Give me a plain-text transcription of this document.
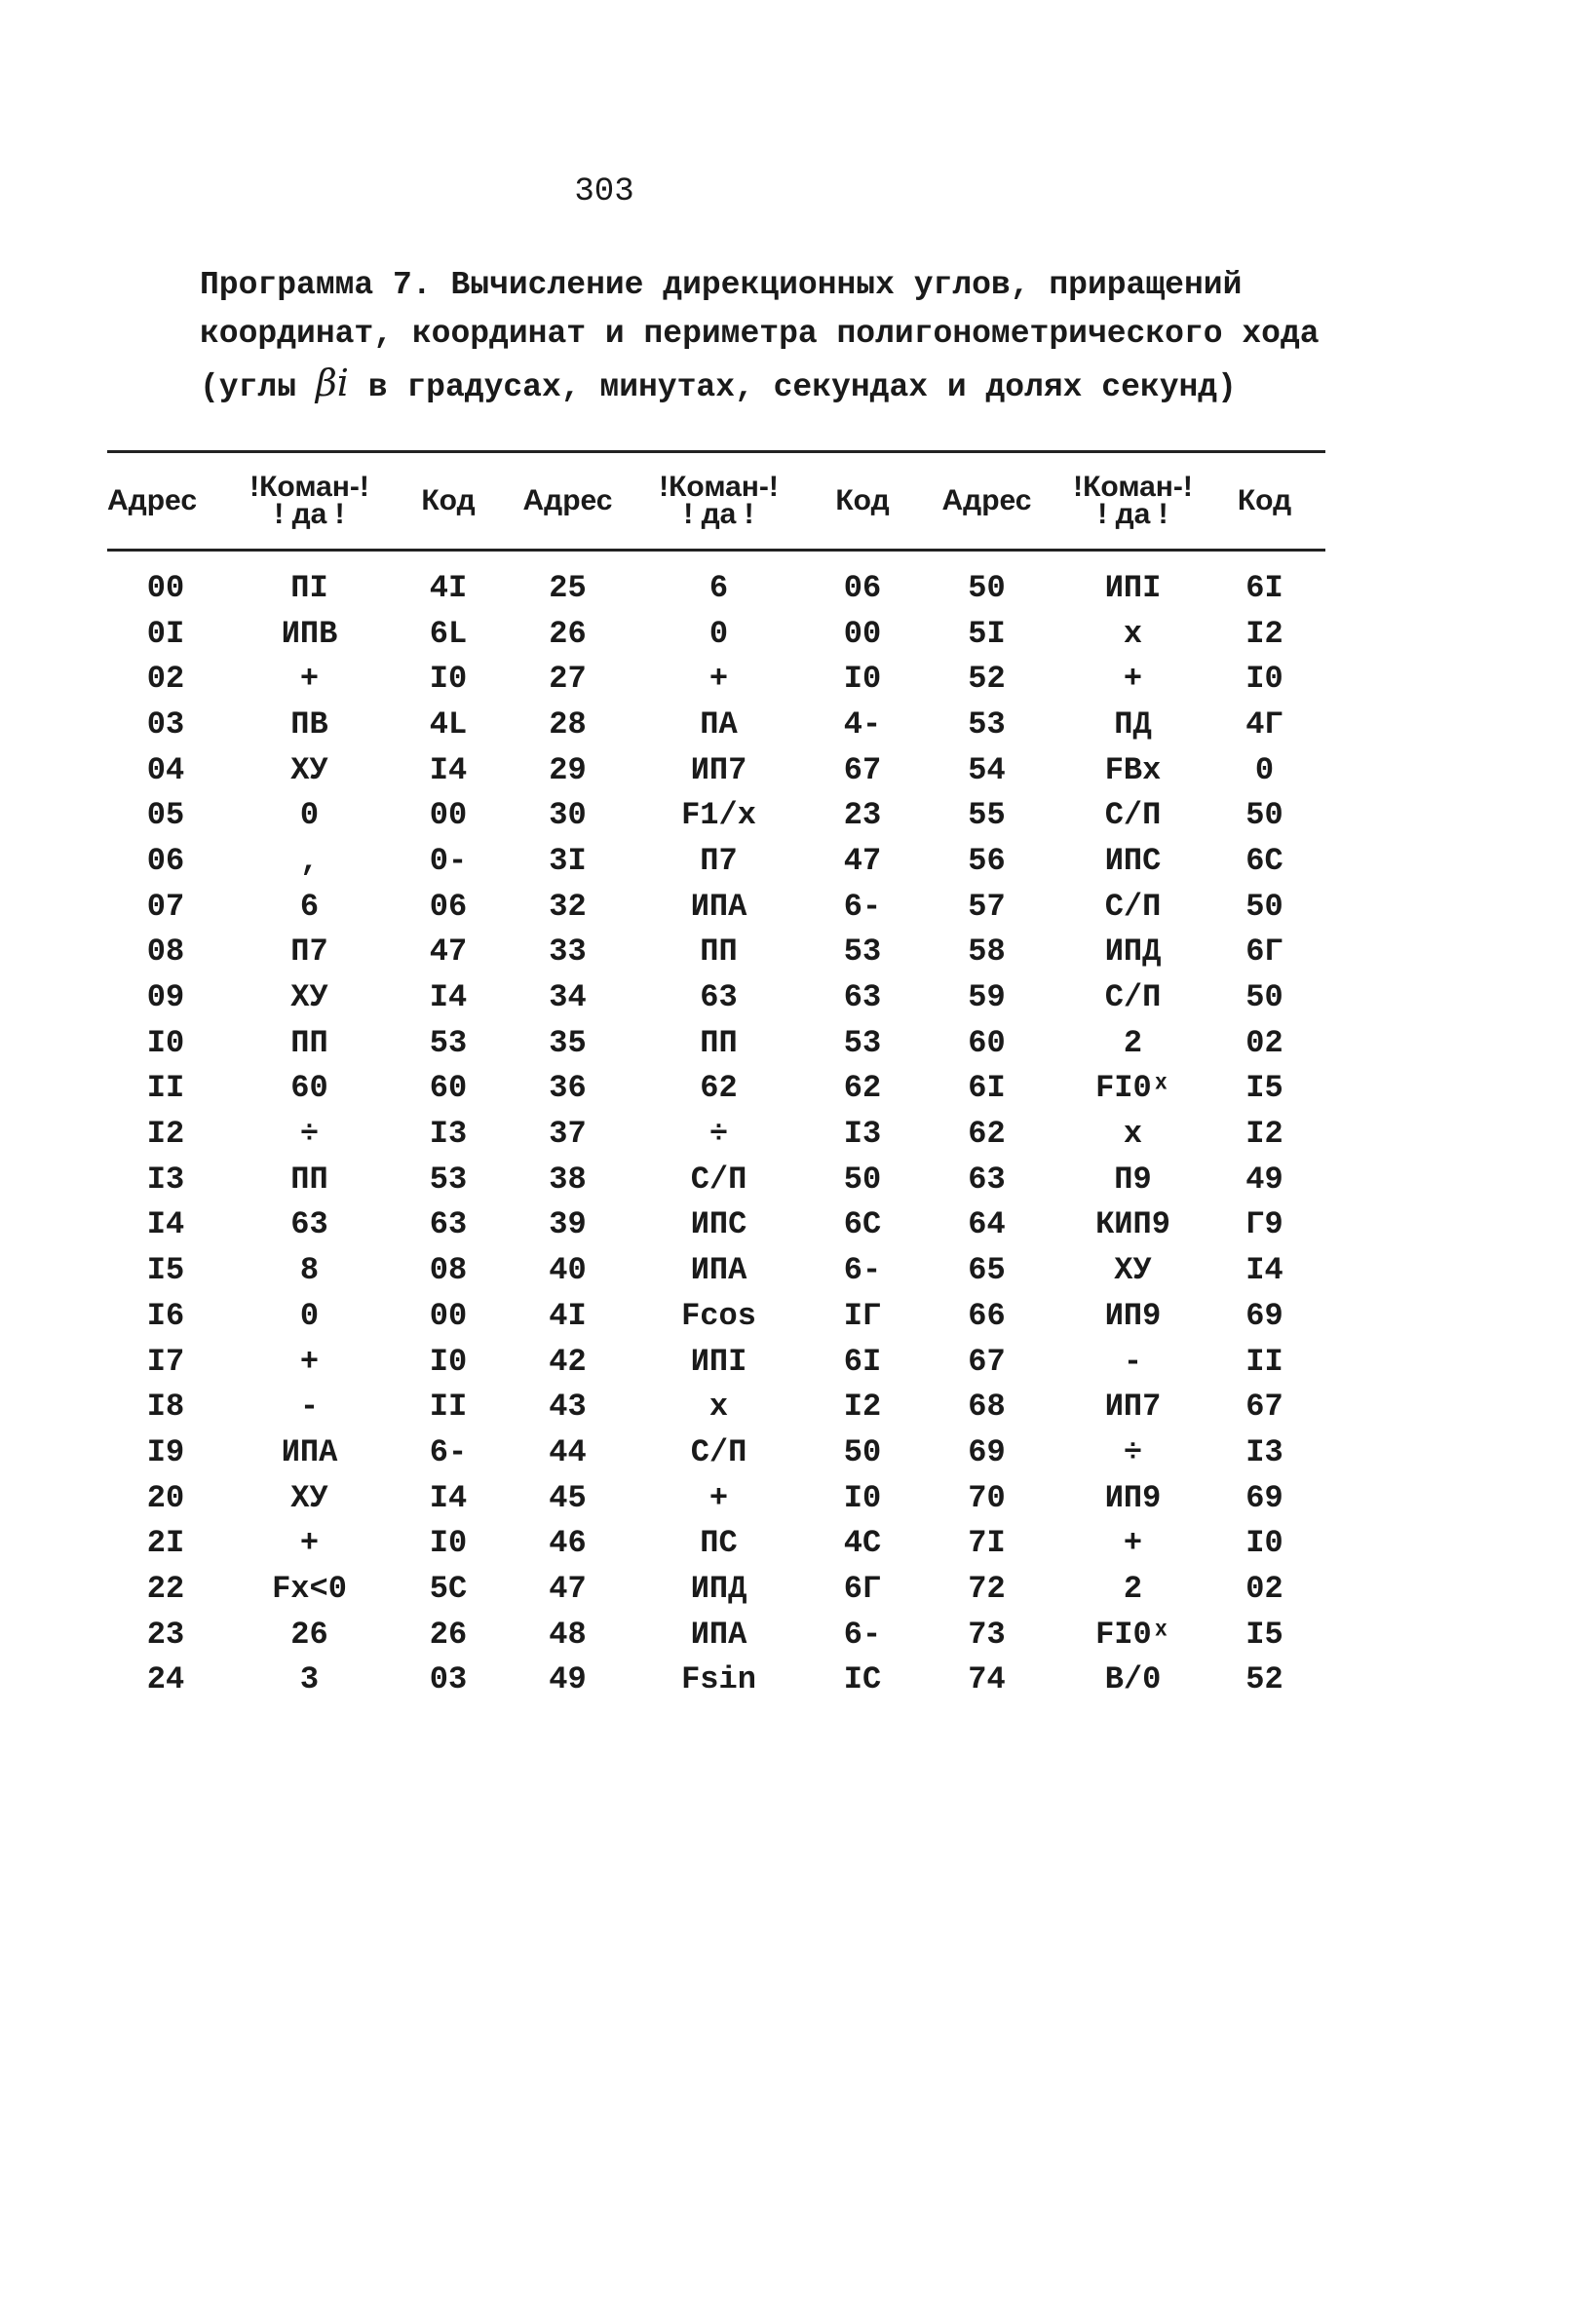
303
Программа 7. Вычисление дирекционных углов, приращений
координат, координат и периметра полигонометрического хода
(углы βi в градусах, минутах, секундах и долях секунд)
Адрес	!Коман-!
! да !	Код	Адрес	!Коман-!
! да !	Код	Адрес	!Коман-!
! да !	Код
00	ПI	4I	25	6	06	50	ИПI	6I
0I	ИПВ	6L	26	0	00	5I	x	I2
02	+	I0	27	+	I0	52	+	I0
03	ПВ	4L	28	ПА	4-	53	ПД	4Г
04	ХУ	I4	29	ИП7	67	54	FВx	0
05	0	00	30	F1/x	23	55	С/П	50
06	,	0-	3I	П7	47	56	ИПС	6С
07	6	06	32	ИПА	6-	57	С/П	50
08	П7	47	33	ПП	53	58	ИПД	6Г
09	ХУ	I4	34	63	63	59	С/П	50
I0	ПП	53	35	ПП	53	60	2	02
II	60	60	36	62	62	6I	FI0ˣ	I5
I2	÷	I3	37	÷	I3	62	x	I2
I3	ПП	53	38	С/П	50	63	П9	49
I4	63	63	39	ИПС	6С	64	КИП9	Г9
I5	8	08	40	ИПА	6-	65	ХУ	I4
I6	0	00	4I	Fcos	IГ	66	ИП9	69
I7	+	I0	42	ИПI	6I	67	-	II
I8	-	II	43	x	I2	68	ИП7	67
I9	ИПА	6-	44	С/П	50	69	÷	I3
20	ХУ	I4	45	+	I0	70	ИП9	69
2I	+	I0	46	ПС	4С	7I	+	I0
22	Fx<0	5С	47	ИПД	6Г	72	2	02
23	26	26	48	ИПА	6-	73	FI0ˣ	I5
24	3	03	49	Fsin	IС	74	В/0	52
